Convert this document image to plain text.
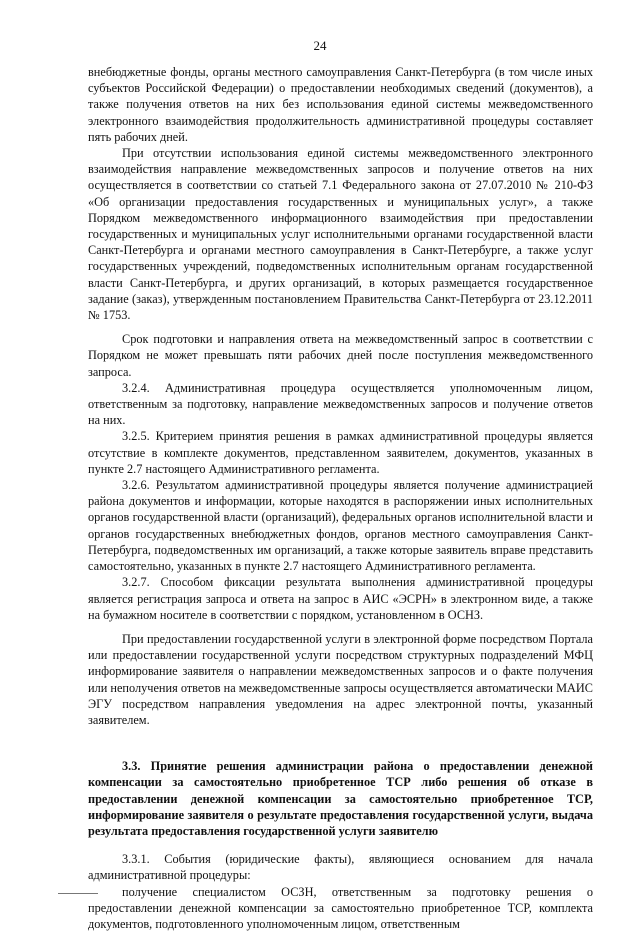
24

внебюджетные фонды, органы местного самоуправления Санкт-Петербурга (в том числе иных субъектов Российской Федерации) о предоставлении необходимых сведений (документов), а также получения ответов на них без использования единой системы межведомственного электронного взаимодействия продолжительность административной процедуры составляет пять рабочих дней.

При отсутствии использования единой системы межведомственного электронного взаимодействия направление межведомственных запросов и получение ответов на них осуществляется в соответствии со статьей 7.1 Федерального закона от 27.07.2010 № 210-ФЗ «Об организации предоставления государственных и муниципальных услуг», а также Порядком межведомственного информационного взаимодействия при предоставлении государственных и муниципальных услуг исполнительными органами государственной власти Санкт-Петербурга и органами местного самоуправления в Санкт-Петербурге, а также услуг государственных учреждений, подведомственных исполнительным органам государственной власти Санкт-Петербурга, и других организаций, в которых размещается государственное задание (заказ), утвержденным постановлением Правительства Санкт-Петербурга от 23.12.2011 № 1753.

Срок подготовки и направления ответа на межведомственный запрос в соответствии с Порядком не может превышать пяти рабочих дней после поступления межведомственного запроса.

3.2.4. Административная процедура осуществляется уполномоченным лицом, ответственным за подготовку, направление межведомственных запросов и получение ответов на них.

3.2.5. Критерием принятия решения в рамках административной процедуры является отсутствие в комплекте документов, представленном заявителем, документов, указанных в пункте 2.7 настоящего Административного регламента.

3.2.6. Результатом административной процедуры является получение администрацией района документов и информации, которые находятся в распоряжении иных исполнительных органов государственной власти (организаций), федеральных органов исполнительной власти и органов государственных внебюджетных фондов, органов местного самоуправления Санкт-Петербурга, подведомственных им организаций, а также которые заявитель вправе представить самостоятельно, указанных в пункте 2.7 настоящего Административного регламента.

3.2.7. Способом фиксации результата выполнения административной процедуры является регистрация запроса и ответа на запрос в АИС «ЭСРН» в электронном виде, а также на бумажном носителе в соответствии с порядком, установленном в ОСНЗ.

При предоставлении государственной услуги в электронной форме посредством Портала или предоставлении государственной услуги посредством структурных подразделений МФЦ информирование заявителя о направлении межведомственных запросов и о факте получения или неполучения ответов на межведомственные запросы осуществляется автоматически МАИС ЭГУ посредством направления уведомления на адрес электронной почты, указанный заявителем.

3.3. Принятие решения администрации района о предоставлении денежной компенсации за самостоятельно приобретенное ТСР либо решения об отказе в предоставлении денежной компенсации за самостоятельно приобретенное ТСР, информирование заявителя о результате предоставления государственной услуги, выдача результата предоставления государственной услуги заявителю

3.3.1. События (юридические факты), являющиеся основанием для начала административной процедуры:

получение специалистом ОСЗН, ответственным за подготовку решения о предоставлении денежной компенсации за самостоятельно приобретенное ТСР, комплекта документов, подготовленного уполномоченным лицом, ответственным
